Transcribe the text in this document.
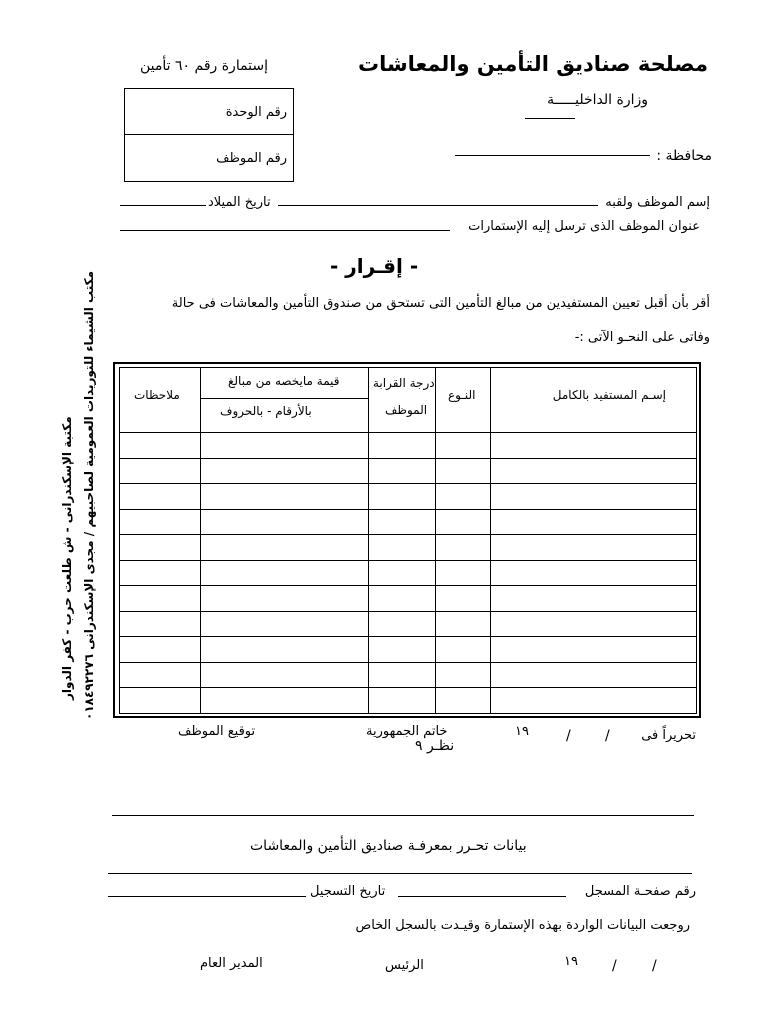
مصلحة صناديق التأمين والمعاشات
وزارة الداخليـــــة
إستمارة رقم ٦٠ تأمين
رقم الوحدة
رقم الموظف	محافظة :
إسم الموظف ولقبه
تاريخ الميلاد
عنوان الموظف الذى ترسل إليه الإستمارات
- إقـرار -
أقر بأن أقبل تعيين المستفيدين من مبالغ التأمين التى تستحق من صندوق التأمين والمعاشات فى حالة
وفاتى على النحـو الآتى :-
مكتبة الإسكندرانى - ش طلعت حرب - كفر الدوار مكتب الشيماء للتوريدات العمومية لصاحبيهم / مجدى الإسكندرانى ٠١٨٤٩٢٢٧٦	إسـم المستفيد بالكامل
النـوع
درجة القرابة
الموظف
قيمة مايخصه من مبالغ
بالأرقام - بالحروف
ملاحظات
تحريراً فى
/
/
١٩
خاتم الجمهورية
نظـر ٩
توقيع الموظف
بيانات تحـرر بمعرفـة صناديق التأمين والمعاشات
رقم صفحـة المسجل
تاريخ التسجيل
روجعت البيانات الواردة بهذه الإستمارة وقيـدت بالسجل الخاص
/
/
١٩
الرئيس
المدير العام
